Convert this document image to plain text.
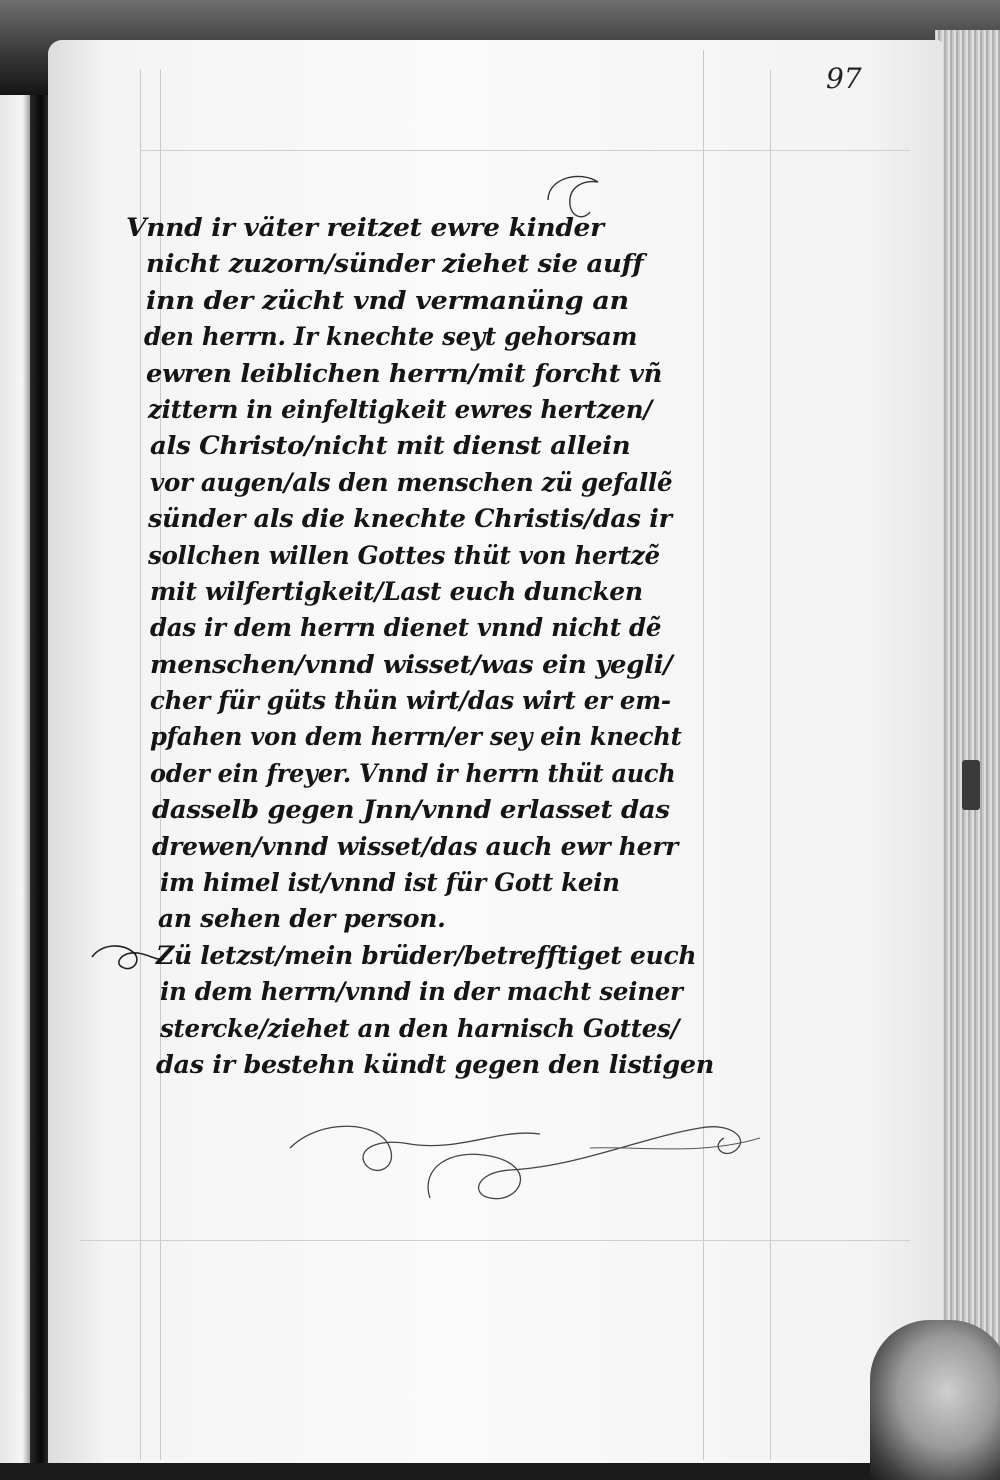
97

Vnnd ir väter reitzet ewre kinder
nicht zuzorn/sünder ziehet sie auff
inn der zücht vnd vermanüng an
den herrn. Ir knechte seyt gehorsam
ewren leiblichen herrn/mit forcht vñ
zittern in einfeltigkeit ewres hertzen/
als Christo/nicht mit dienst allein
vor augen/als den menschen zü gefallẽ
sünder als die knechte Christis/das ir
sollchen willen Gottes thüt von hertzẽ
mit wilfertigkeit/Last euch duncken
das ir dem herrn dienet vnnd nicht dẽ
menschen/vnnd wisset/was ein yegli/
cher für güts thün wirt/das wirt er em-
pfahen von dem herrn/er sey ein knecht
oder ein freyer. Vnnd ir herrn thüt auch
dasselb gegen Jnn/vnnd erlasset das
drewen/vnnd wisset/das auch ewr herr
im himel ist/vnnd ist für Gott kein
an sehen der person.
Zü letzst/mein brüder/betrefftiget euch
in dem herrn/vnnd in der macht seiner
stercke/ziehet an den harnisch Gottes/
das ir bestehn kündt gegen den listigen
